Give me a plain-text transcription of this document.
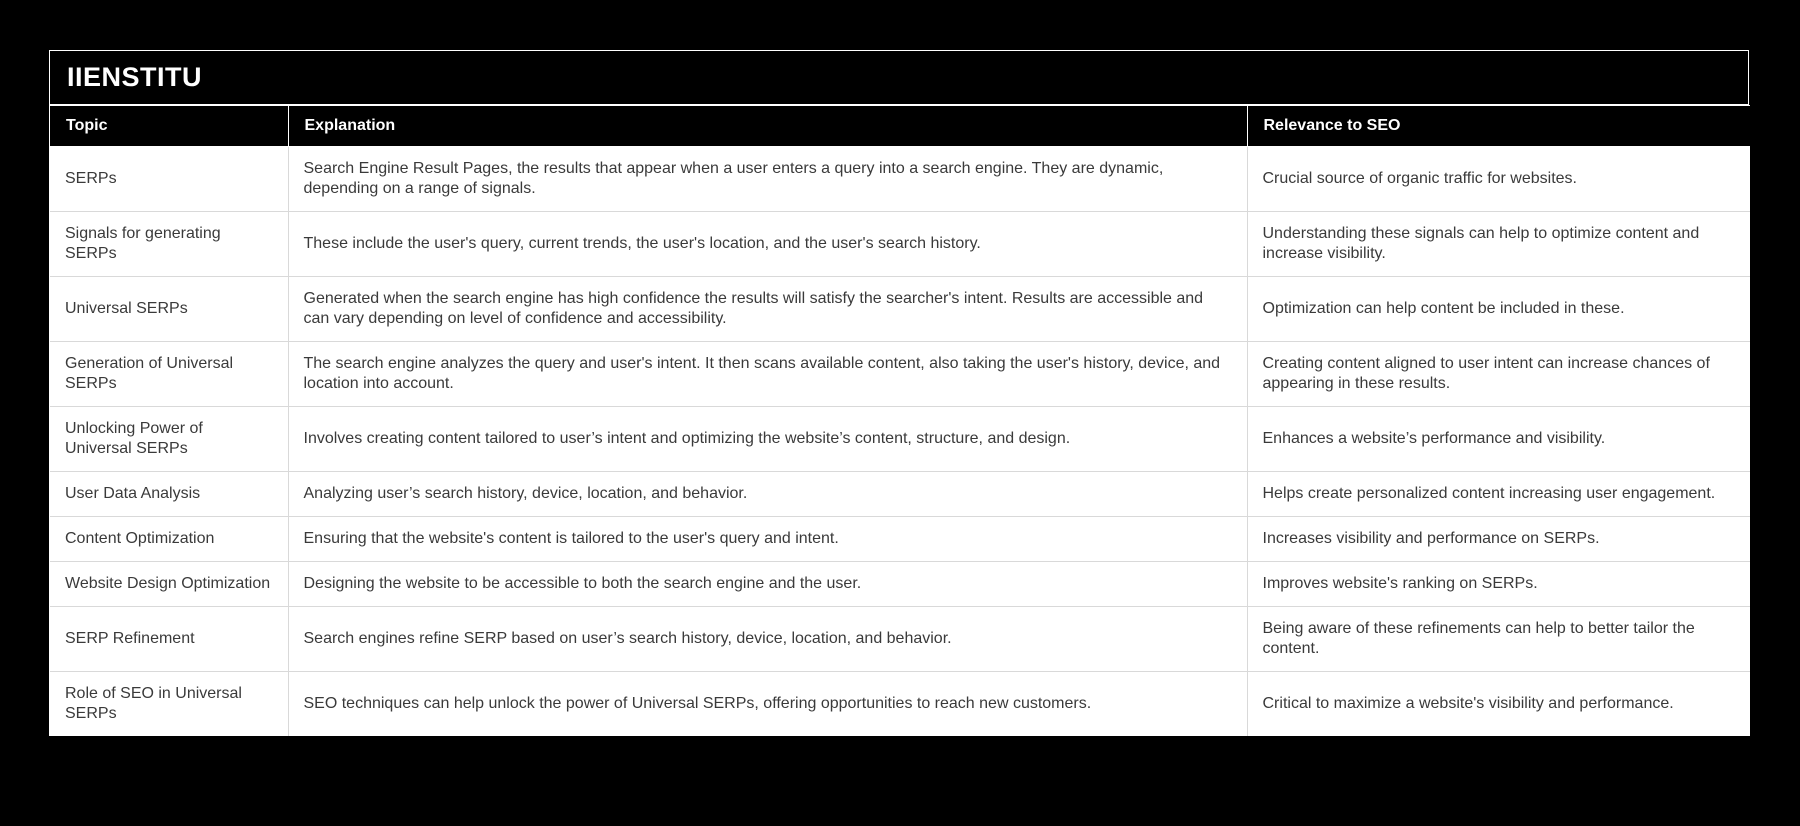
IIENSTITU
Topic	Explanation	Relevance to SEO
SERPs	Search Engine Result Pages, the results that appear when a user enters a query into a search engine. They are dynamic, depending on a range of signals.	Crucial source of organic traffic for websites.
Signals for generating SERPs	These include the user's query, current trends, the user's location, and the user's search history.	Understanding these signals can help to optimize content and increase visibility.
Universal SERPs	Generated when the search engine has high confidence the results will satisfy the searcher's intent. Results are accessible and can vary depending on level of confidence and accessibility.	Optimization can help content be included in these.
Generation of Universal SERPs	The search engine analyzes the query and user's intent. It then scans available content, also taking the user's history, device, and location into account.	Creating content aligned to user intent can increase chances of appearing in these results.
Unlocking Power of Universal SERPs	Involves creating content tailored to user’s intent and optimizing the website’s content, structure, and design.	Enhances a website’s performance and visibility.
User Data Analysis	Analyzing user’s search history, device, location, and behavior.	Helps create personalized content increasing user engagement.
Content Optimization	Ensuring that the website's content is tailored to the user's query and intent.	Increases visibility and performance on SERPs.
Website Design Optimization	Designing the website to be accessible to both the search engine and the user.	Improves website's ranking on SERPs.
SERP Refinement	Search engines refine SERP based on user’s search history, device, location, and behavior.	Being aware of these refinements can help to better tailor the content.
Role of SEO in Universal SERPs	SEO techniques can help unlock the power of Universal SERPs, offering opportunities to reach new customers.	Critical to maximize a website's visibility and performance.
